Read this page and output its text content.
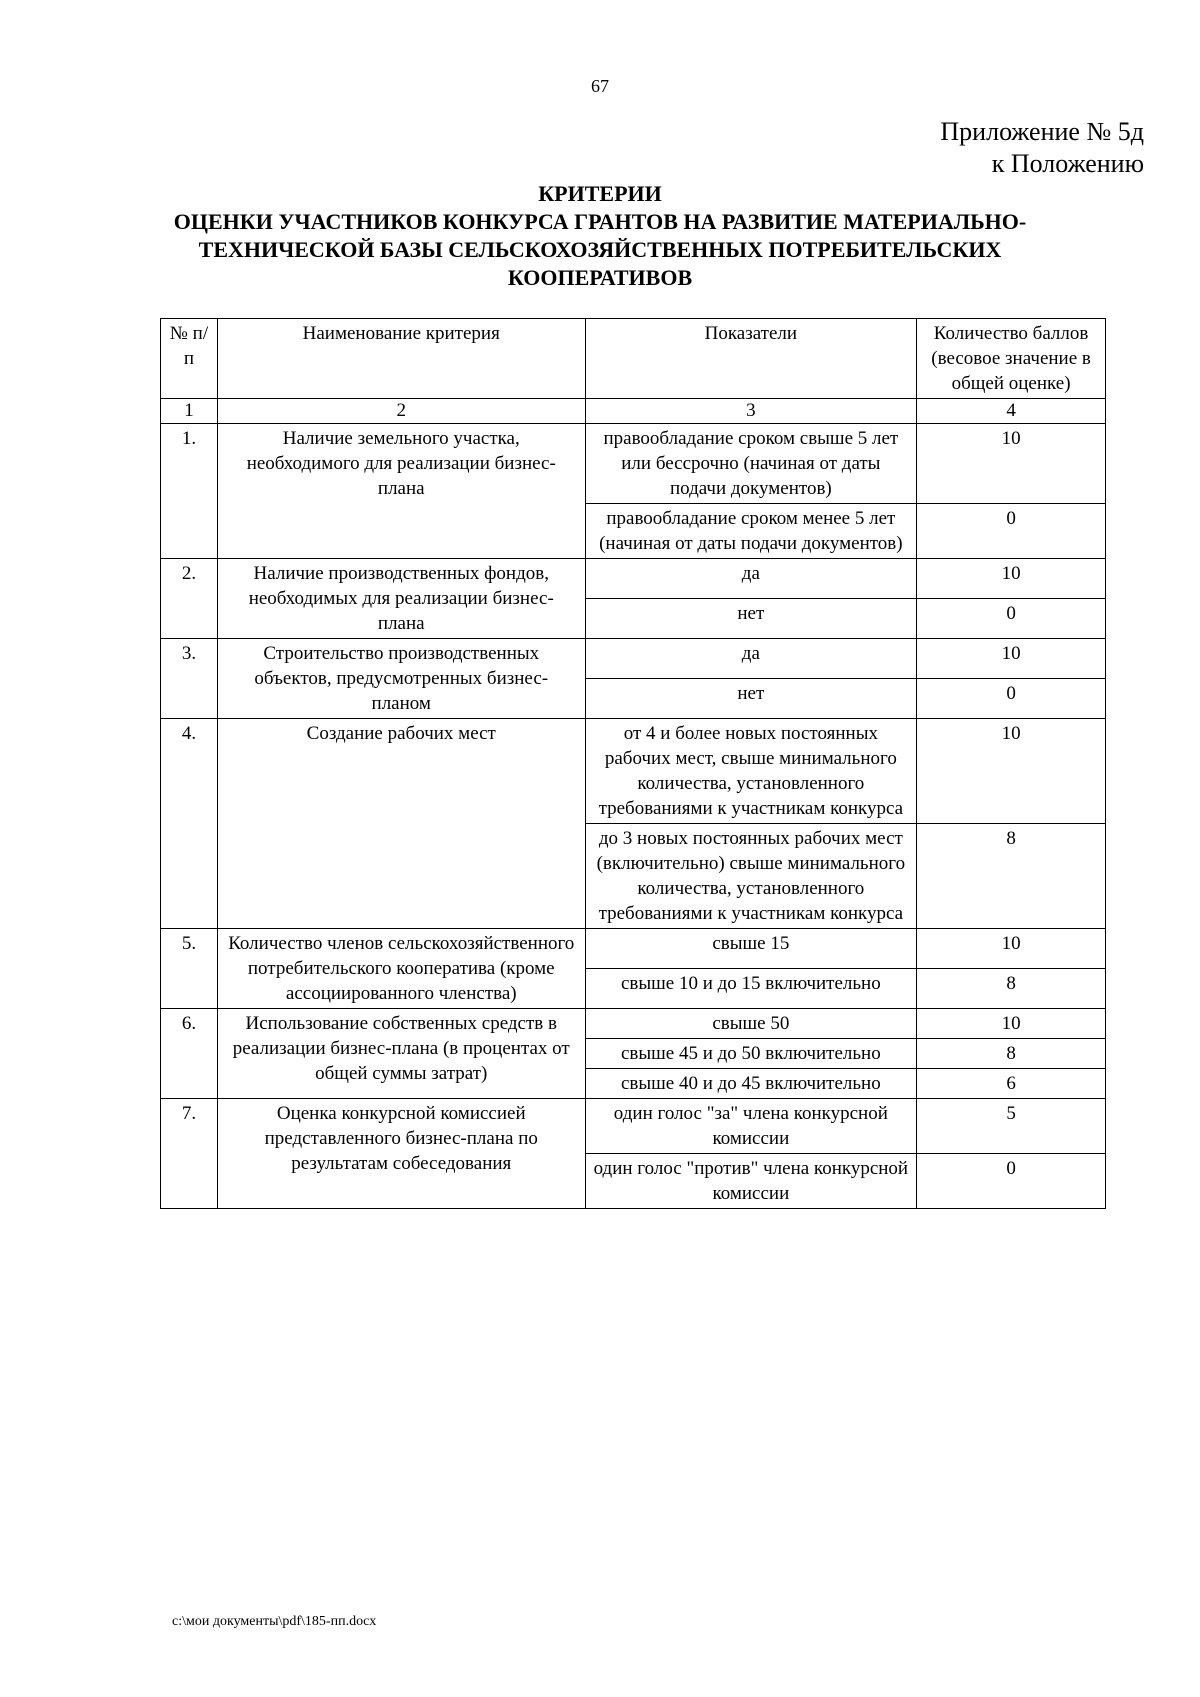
67
Приложение № 5д
к Положению
КРИТЕРИИ
ОЦЕНКИ УЧАСТНИКОВ КОНКУРСА ГРАНТОВ НА РАЗВИТИЕ МАТЕРИАЛЬНО-
ТЕХНИЧЕСКОЙ БАЗЫ СЕЛЬСКОХОЗЯЙСТВЕННЫХ ПОТРЕБИТЕЛЬСКИХ
КООПЕРАТИВОВ
№ п/п	Наименование критерия	Показатели	Количество баллов (весовое значение в общей оценке)
1	2	3	4
1.	Наличие земельного участка, необходимого для реализации бизнес-плана	правообладание сроком свыше 5 лет или бессрочно (начиная от даты подачи документов)	10
		правообладание сроком менее 5 лет (начиная от даты подачи документов)	0
2.	Наличие производственных фондов, необходимых для реализации бизнес-плана	да	10
		нет	0
3.	Строительство производственных объектов, предусмотренных бизнес-планом	да	10
		нет	0
4.	Создание рабочих мест	от 4 и более новых постоянных рабочих мест, свыше минимального количества, установленного требованиями к участникам конкурса	10
		до 3 новых постоянных рабочих мест (включительно) свыше минимального количества, установленного требованиями к участникам конкурса	8
5.	Количество членов сельскохозяйственного потребительского кооператива (кроме ассоциированного членства)	свыше 15	10
		свыше 10 и до 15 включительно	8
6.	Использование собственных средств в реализации бизнес-плана (в процентах от общей суммы затрат)	свыше 50	10
		свыше 45 и до 50 включительно	8
		свыше 40 и до 45 включительно	6
7.	Оценка конкурсной комиссией представленного бизнес-плана по результатам собеседования	один голос "за" члена конкурсной комиссии	5
		один голос "против" члена конкурсной комиссии	0
c:\мои документы\pdf\185-пп.docx
